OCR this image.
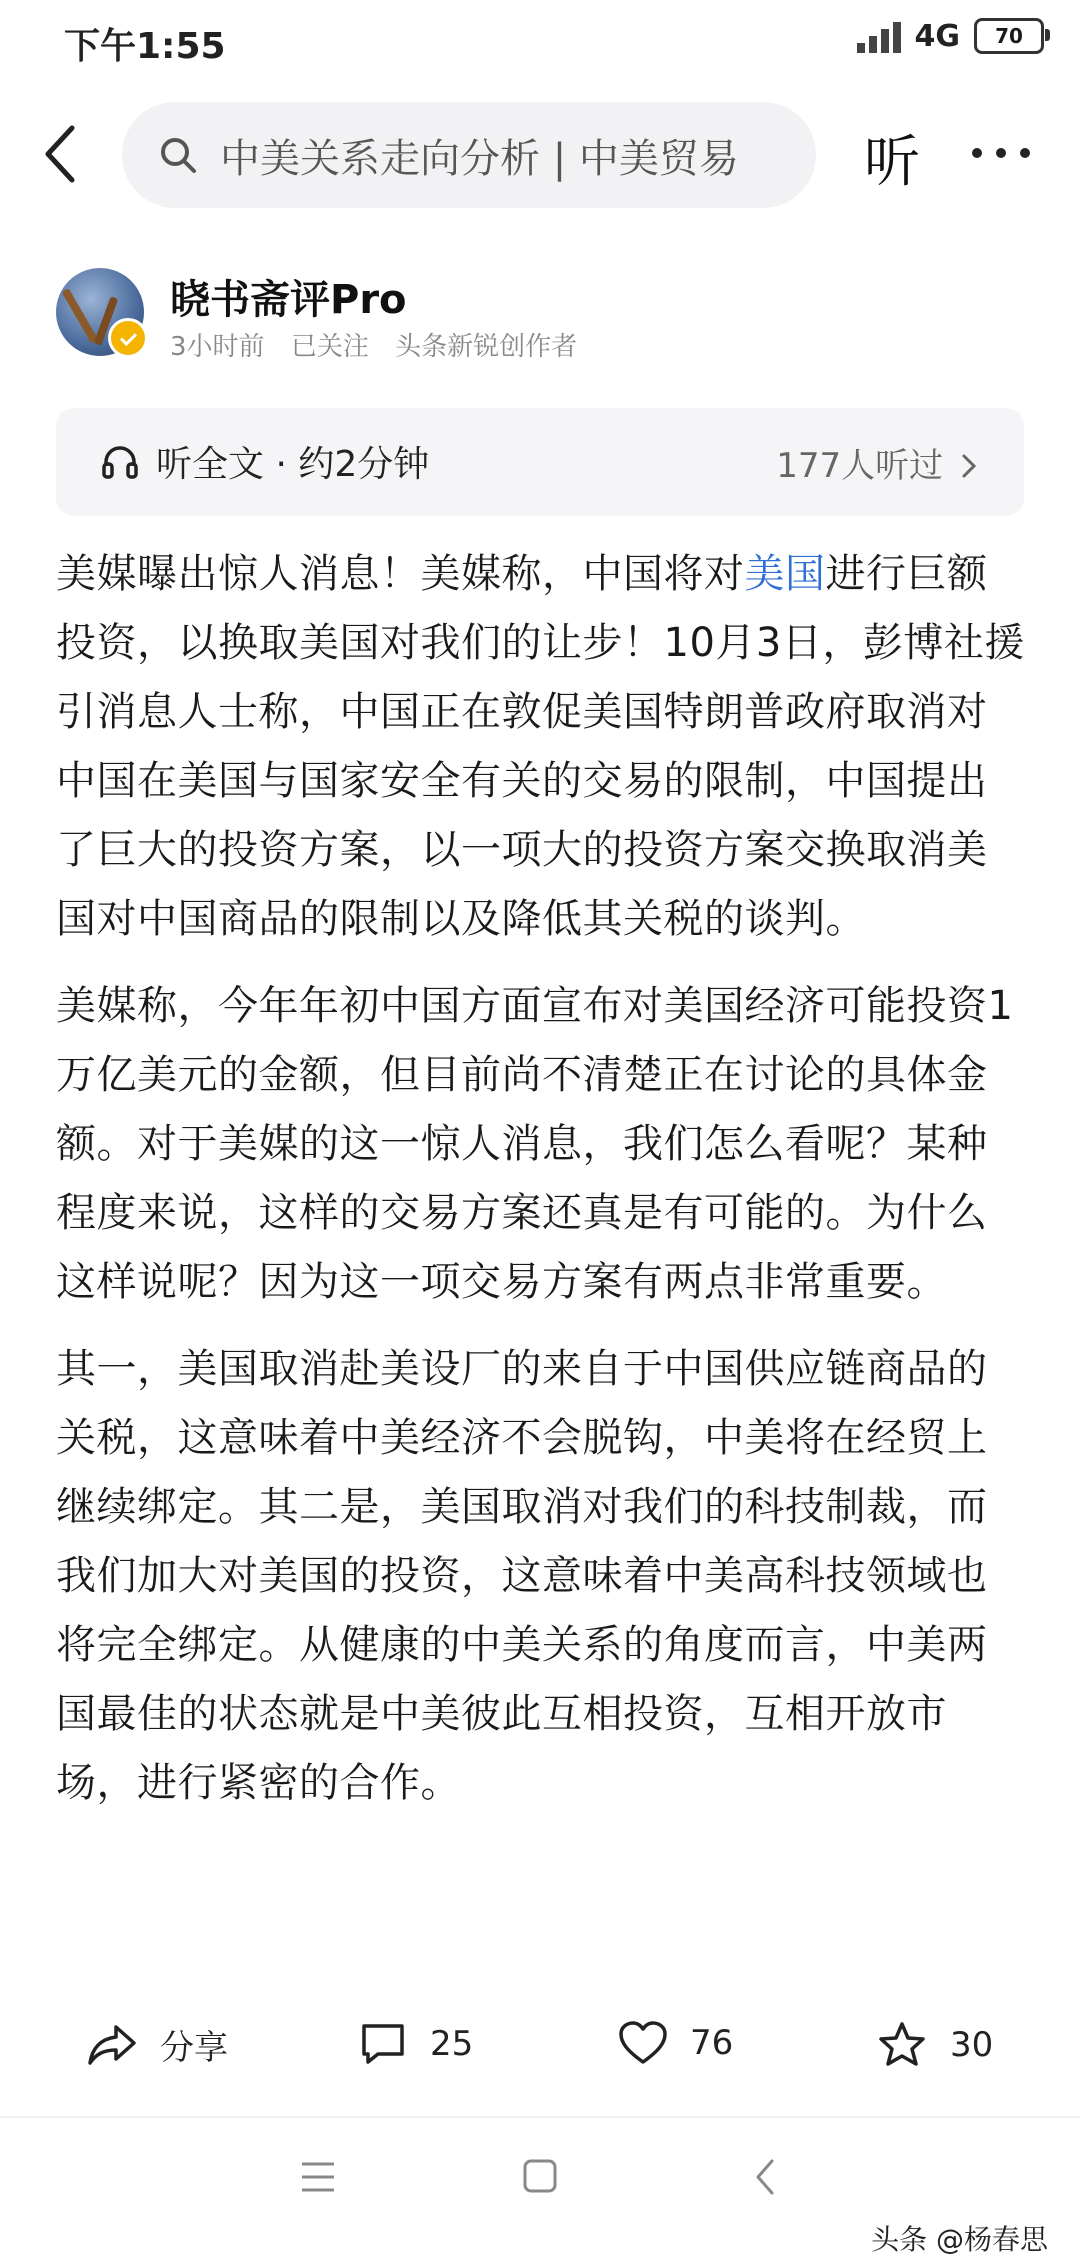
下午1:55	4G 70
中美关系走向分析 | 中美贸易 听
晓书斋评Pro
3小时前 已关注 头条新锐创作者
听全文 · 约2分钟	177人听过

美媒曝出惊人消息！美媒称，中国将对美国进行巨额投资，以换取美国对我们的让步！10月3日，彭博社援引消息人士称，中国正在敦促美国特朗普政府取消对中国在美国与国家安全有关的交易的限制，中国提出了巨大的投资方案，以一项大的投资方案交换取消美国对中国商品的限制以及降低其关税的谈判。

美媒称，今年年初中国方面宣布对美国经济可能投资1万亿美元的金额，但目前尚不清楚正在讨论的具体金额。对于美媒的这一惊人消息，我们怎么看呢？某种程度来说，这样的交易方案还真是有可能的。为什么这样说呢？因为这一项交易方案有两点非常重要。

其一，美国取消赴美设厂的来自于中国供应链商品的关税，这意味着中美经济不会脱钩，中美将在经贸上继续绑定。其二是，美国取消对我们的科技制裁，而我们加大对美国的投资，这意味着中美高科技领域也将完全绑定。从健康的中美关系的角度而言，中美两国最佳的状态就是中美彼此互相投资，互相开放市场，进行紧密的合作。

分享	25	76	30
头条 @杨春思
